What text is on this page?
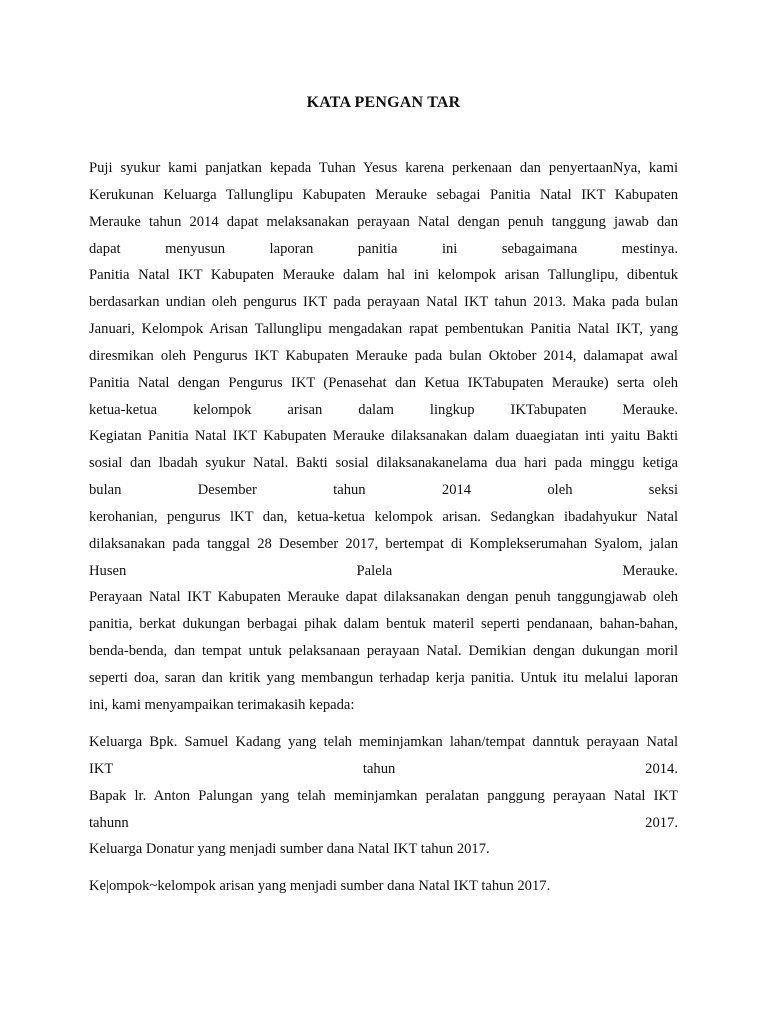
KATA PENGAN TAR
Puji syukur kami panjatkan kepada Tuhan Yesus karena perkenaan dan penyertaanNya, kami
Kerukunan Keluarga Tallunglipu Kabupaten Merauke sebagai Panitia Natal IKT Kabupaten
Merauke tahun 2014 dapat melaksanakan perayaan Natal dengan penuh tanggung jawab dan
dapat menyusun laporan panitia ini sebagaimana mestinya.
Panitia Natal IKT Kabupaten Merauke dalam hal ini kelompok arisan Tallunglipu, dibentuk
berdasarkan undian oleh pengurus IKT pada perayaan Natal IKT tahun 2013. Maka pada bulan
Januari, Kelompok Arisan Tallunglipu mengadakan rapat pembentukan Panitia Natal IKT, yang
diresmikan oleh Pengurus IKT Kabupaten Merauke pada bulan Oktober 2014, dalamapat awal
Panitia Natal dengan Pengurus IKT (Penasehat dan Ketua IKTabupaten Merauke) serta oleh
ketua-ketua kelompok arisan dalam lingkup IKTabupaten Merauke.
Kegiatan Panitia Natal IKT Kabupaten Merauke dilaksanakan dalam duaegiatan inti yaitu Bakti
sosial dan lbadah syukur Natal. Bakti sosial dilaksanakanelama dua hari pada minggu ketiga
bulan Desember tahun 2014 oleh seksi
kerohanian, pengurus lKT dan, ketua-ketua kelompok arisan. Sedangkan ibadahyukur Natal
dilaksanakan pada tanggal 28 Desember 2017, bertempat di Komplekserumahan Syalom, jalan
Husen Palela Merauke.
Perayaan Natal IKT Kabupaten Merauke dapat dilaksanakan dengan penuh tanggungjawab oleh
panitia, berkat dukungan berbagai pihak dalam bentuk materil seperti pendanaan, bahan-bahan,
benda-benda, dan tempat untuk pelaksanaan perayaan Natal. Demikian dengan dukungan moril
seperti doa, saran dan kritik yang membangun terhadap kerja panitia. Untuk itu melalui laporan
ini, kami menyampaikan terimakasih kepada:
Keluarga Bpk. Samuel Kadang yang telah meminjamkan lahan/tempat danntuk perayaan Natal
IKT tahun 2014.
Bapak lr. Anton Palungan yang telah meminjamkan peralatan panggung perayaan Natal IKT
tahunn 2017.
Keluarga Donatur yang menjadi sumber dana Natal IKT tahun 2017.
Ke|ompok~kelompok arisan yang menjadi sumber dana Natal IKT tahun 2017.
